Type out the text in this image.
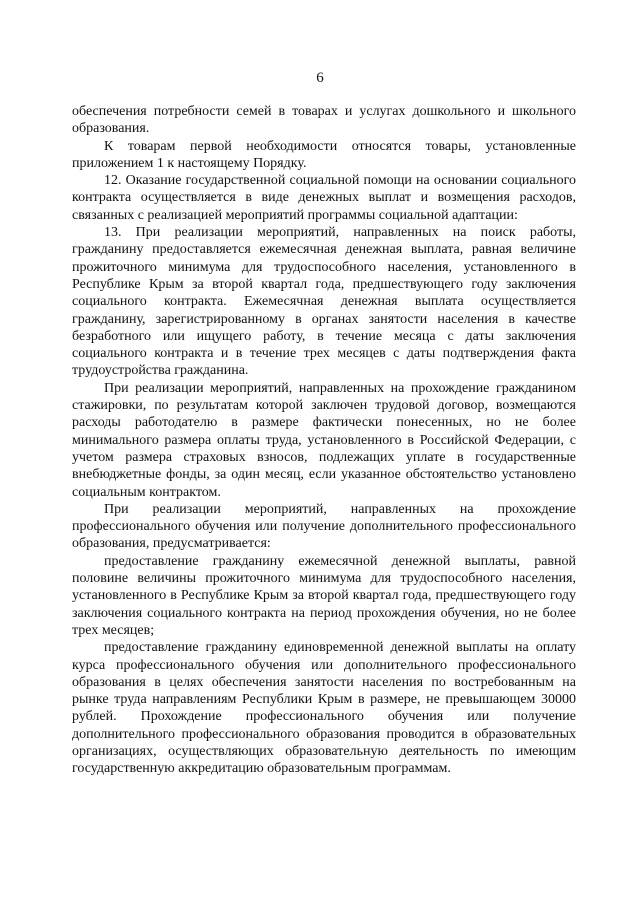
6

обеспечения потребности семей в товарах и услугах дошкольного и школьного образования.

К товарам первой необходимости относятся товары, установленные приложением 1 к настоящему Порядку.

12. Оказание государственной социальной помощи на основании социального контракта осуществляется в виде денежных выплат и возмещения расходов, связанных с реализацией мероприятий программы социальной адаптации:

13. При реализации мероприятий, направленных на поиск работы, гражданину предоставляется ежемесячная денежная выплата, равная величине прожиточного минимума для трудоспособного населения, установленного в Республике Крым за второй квартал года, предшествующего году заключения социального контракта. Ежемесячная денежная выплата осуществляется гражданину, зарегистрированному в органах занятости населения в качестве безработного или ищущего работу, в течение месяца с даты заключения социального контракта и в течение трех месяцев с даты подтверждения факта трудоустройства гражданина.

При реализации мероприятий, направленных на прохождение гражданином стажировки, по результатам которой заключен трудовой договор, возмещаются расходы работодателю в размере фактически понесенных, но не более минимального размера оплаты труда, установленного в Российской Федерации, с учетом размера страховых взносов, подлежащих уплате в государственные внебюджетные фонды, за один месяц, если указанное обстоятельство установлено социальным контрактом.

При реализации мероприятий, направленных на прохождение профессионального обучения или получение дополнительного профессионального образования, предусматривается:

предоставление гражданину ежемесячной денежной выплаты, равной половине величины прожиточного минимума для трудоспособного населения, установленного в Республике Крым за второй квартал года, предшествующего году заключения социального контракта на период прохождения обучения, но не более трех месяцев;

предоставление гражданину единовременной денежной выплаты на оплату курса профессионального обучения или дополнительного профессионального образования в целях обеспечения занятости населения по востребованным на рынке труда направлениям Республики Крым в размере, не превышающем 30000 рублей. Прохождение профессионального обучения или получение дополнительного профессионального образования проводится в образовательных организациях, осуществляющих образовательную деятельность по имеющим государственную аккредитацию образовательным программам.
